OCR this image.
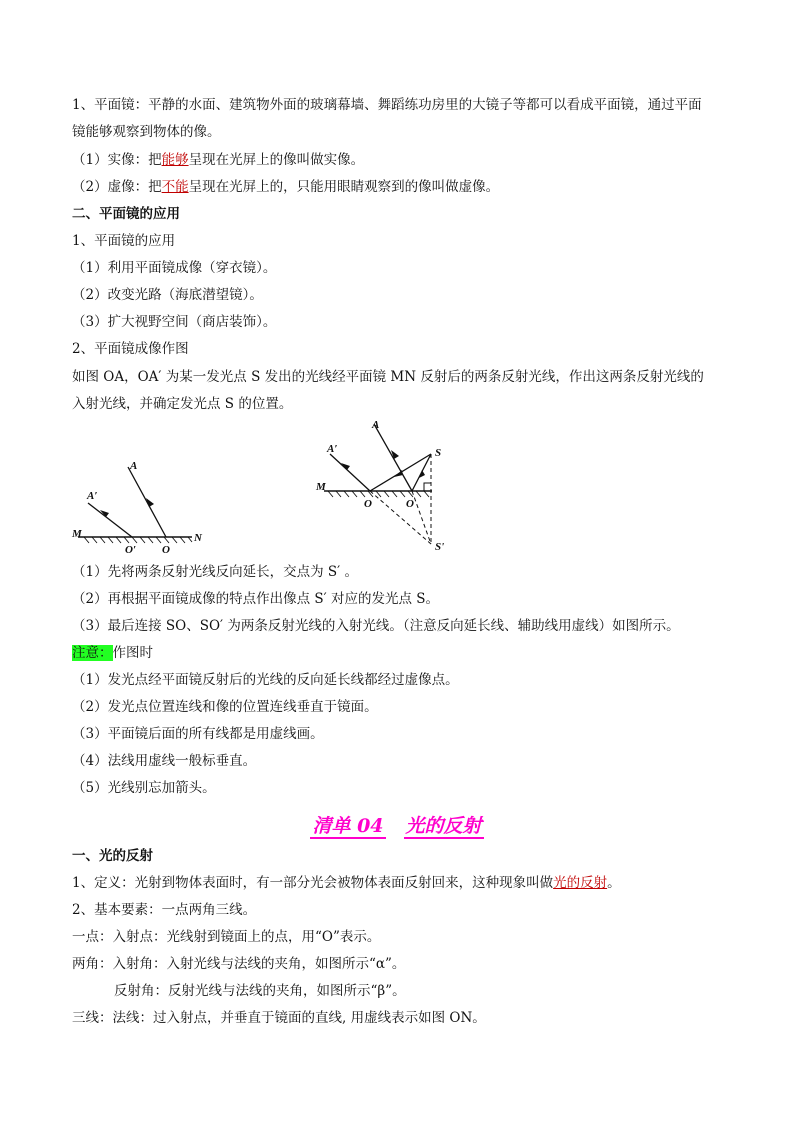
1、平面镜：平静的水面、建筑物外面的玻璃幕墙、舞蹈练功房里的大镜子等都可以看成平面镜，通过平面
镜能够观察到物体的像。
（1）实像：把能够呈现在光屏上的像叫做实像。
（2）虚像：把不能呈现在光屏上的，只能用眼睛观察到的像叫做虚像。
二、平面镜的应用
1、平面镜的应用
（1）利用平面镜成像（穿衣镜）。
（2）改变光路（海底潜望镜）。
（3）扩大视野空间（商店装饰）。
2、平面镜成像作图
如图 OA，OA′ 为某一发光点 S 发出的光线经平面镜 MN 反射后的两条反射光线，作出这两条反射光线的
入射光线，并确定发光点 S 的位置。
A
A′
M	N
O′ O
A
A′
M
S
O	O
S'
（1）先将两条反射光线反向延长，交点为 S′ 。
（2）再根据平面镜成像的特点作出像点 S′ 对应的发光点 S。
（3）最后连接 SO、SO′ 为两条反射光线的入射光线。（注意反向延长线、辅助线用虚线）如图所示。
注意：作图时
（1）发光点经平面镜反射后的光线的反向延长线都经过虚像点。
（2）发光点位置连线和像的位置连线垂直于镜面。
（3）平面镜后面的所有线都是用虚线画。
（4）法线用虚线一般标垂直。
（5）光线别忘加箭头。
清单 04 光的反射
一、光的反射
1、定义：光射到物体表面时，有一部分光会被物体表面反射回来，这种现象叫做光的反射。
2、基本要素：一点两角三线。
一点：入射点：光线射到镜面上的点，用“O”表示。
两角：入射角：入射光线与法线的夹角，如图所示“α”。
反射角：反射光线与法线的夹角，如图所示“β”。
三线：法线：过入射点，并垂直于镜面的直线, 用虚线表示如图 ON。
